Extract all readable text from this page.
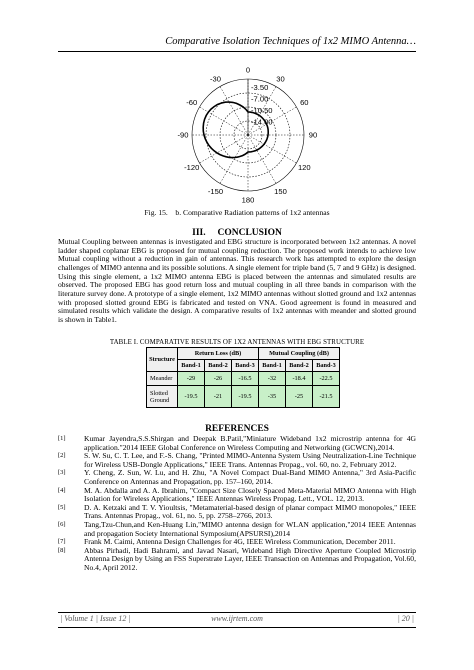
Comparative Isolation Techniques of 1x2 MIMO Antenna…
0
30
60
90
120
150
180
-150
-120
-90
-60
-30
-3.50
-7.00
-10.50
-14.00
Fig. 15. b. Comparative Radiation patterns of 1x2 antennas
III. CONCLUSION
Mutual Coupling between antennas is investigated and EBG structure is incorporated between 1x2 antennas. A novel ladder shaped coplanar EBG is proposed for mutual coupling reduction. The proposed work intends to achieve low Mutual coupling without a reduction in gain of antennas. This research work has attempted to explore the design challenges of MIMO antenna and its possible solutions. A single element for triple band (5, 7 and 9 GHz) is designed. Using this single element, a 1x2 MIMO antenna EBG is placed between the antennas and simulated results are observed. The proposed EBG has good return loss and mutual coupling in all three bands in comparison with the literature survey done. A prototype of a single element, 1x2 MIMO antennas without slotted ground and 1x2 antennas with proposed slotted ground EBG is fabricated and tested on VNA. Good agreement is found in measured and simulated results which validate the design. A comparative results of 1x2 antennas with meander and slotted ground is shown in Table1.
TABLE I. COMPARATIVE RESULTS OF 1X2 ANTENNAS WITH EBG STRUCTURE
Structure	Return Loss (dB)			Mutual Coupling (dB)		
	Band-1	Band-2	Band-3	Band-1	Band-2	Band-3
Meander	-29	-26	-16.5	-32	-18.4	-22.5
Slotted Ground	-19.5	-21	-19.5	-35	-25	-21.5
REFERENCES
[1]	Kumar Jayendra,S.S.Shirgan and Deepak B.Patil,"Miniature Wideband 1x2 microstrip antenna for 4G application."2014 IEEE Global Conference on Wireless Computing and Networking (GCWCN),2014.
[2]	S. W. Su, C. T. Lee, and F.-S. Chang, "Printed MIMO-Antenna System Using Neutralization-Line Technique for Wireless USB-Dongle Applications," IEEE Trans. Antennas Propag., vol. 60, no. 2, February 2012.
[3]	Y. Cheng, Z. Sun, W. Lu, and H. Zhu, "A Novel Compact Dual-Band MIMO Antenna," 3rd Asia-Pacific Conference on Antennas and Propagation, pp. 157–160, 2014.
[4]	M. A. Abdalla and A. A. Ibrahim, "Compact Size Closely Spaced Meta-Material MIMO Antenna with High Isolation for Wireless Applications," IEEE Antennas Wireless Propag. Lett., VOL. 12, 2013.
[5]	D. A. Ketzaki and T. V. Yioultsis, "Metamaterial-based design of planar compact MIMO monopoles," IEEE Trans. Antennas Propag., vol. 61, no. 5, pp. 2758–2766, 2013.
[6]	Tang,Tzu-Chun,and Ken-Huang Lin,"MIMO antenna design for WLAN application,"2014 IEEE Antennas and propagation Society International Symposium(APSURSI),2014
[7]	Frank M. Caimi, Antenna Design Challenges for 4G, IEEE Wireless Communication, December 2011.
[8]	Abbas Pirhadi, Hadi Bahrami, and Javad Nasari, Wideband High Directive Aperture Coupled Microstrip Antenna Design by Using an FSS Superstrate Layer, IEEE Transaction on Antennas and Propagation, Vol.60, No.4, April 2012.
| Volume 1 | Issue 12 |	www.ijrtem.com	| 20 |
